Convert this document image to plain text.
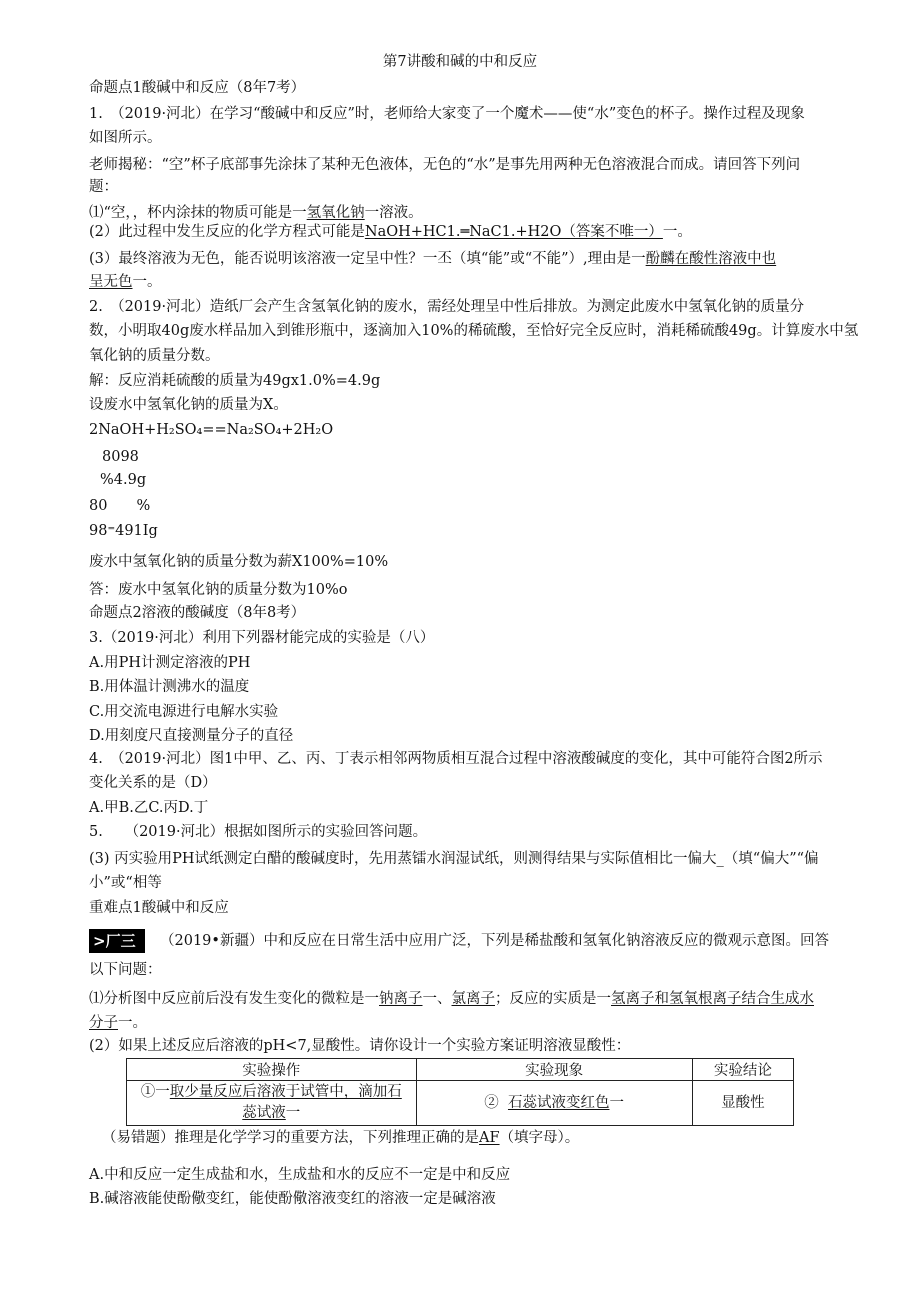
第7讲酸和碱的中和反应
命题点1酸碱中和反应（8年7考）
1.　（2019·河北）在学习“酸碱中和反应”时，老师给大家变了一个魔术——使“水”变色的杯子。操作过程及现象
如图所示。
老师揭秘：“空”杯子底部事先涂抹了某种无色液体，无色的“水”是事先用两种无色溶液混合而成。请回答下列问
题：
⑴“空，，杯内涂抹的物质可能是一氢氧化钠一溶液。
(2）此过程中发生反应的化学方程式可能是NaOH+HC1.═NaC1.+H2O（答案不唯一）一。
(3）最终溶液为无色，能否说明该溶液一定呈中性？一丕（填“能”或“不能”）,理由是一酚麟在酸性溶液中也
呈无色一。
2.　（2019·河北）造纸厂会产生含氢氧化钠的废水，需经处理呈中性后排放。为测定此废水中氢氧化钠的质量分
数，小明取40g废水样品加入到锥形瓶中，逐滴加入10%的稀硫酸，至恰好完全反应时，消耗稀硫酸49g。计算废水中氢
氧化钠的质量分数。
解：反应消耗硫酸的质量为49gx1.0%=4.9g
设废水中氢氧化钠的质量为X。
2NaOH+H₂SO₄==Na₂SO₄+2H₂O
8098
%4.9g
80　　%
98⁼491Ig
废水中氢氧化钠的质量分数为薪X100%=10%
答：废水中氢氧化钠的质量分数为10%o
命题点2溶液的酸碱度（8年8考）
3.（2019·河北）利用下列器材能完成的实验是（八）
A.用PH计测定溶液的PH
B.用体温计测沸水的温度
C.用交流电源进行电解水实验
D.用刻度尺直接测量分子的直径
4.　（2019·河北）图1中甲、乙、丙、丁表示相邻两物质相互混合过程中溶液酸碱度的变化，其中可能符合图2所示
变化关系的是（D）
A.甲B.乙C.丙D.丁
5.　　（2019·河北）根据如图所示的实验回答问题。
(3) 丙实验用PH试纸测定白醋的酸碱度时，先用蒸镭水润湿试纸，则测得结果与实际值相比一偏大_（填“偏大”“偏
小”或“相等
重难点1酸碱中和反应
>厂三	（2019•新疆）中和反应在日常生活中应用广泛，下列是稀盐酸和氢氧化钠溶液反应的微观示意图。回答
以下问题：
⑴分析图中反应前后没有发生变化的微粒是一钠离子一、氯离子；反应的实质是一氢离子和氢氧根离子结合生成水
分子一。
(2）如果上述反应后溶液的pH<7,显酸性。请你设计一个实验方案证明溶液显酸性：
实验操作	实验现象	实验结论
①一取少量反应后溶液于试管中，滴加石
蕊试液一	② 石蕊试液变红色一	显酸性
（易错题）推理是化学学习的重要方法，下列推理正确的是AF（填字母）。
A.中和反应一定生成盐和水，生成盐和水的反应不一定是中和反应
B.碱溶液能使酚儆变红，能使酚儆溶液变红的溶液一定是碱溶液
